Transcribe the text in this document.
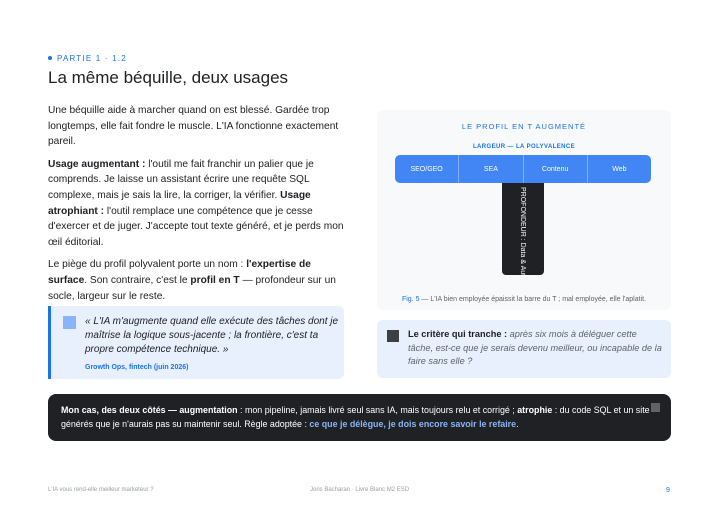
PARTIE 1 · 1.2
La même béquille, deux usages

Une béquille aide à marcher quand on est blessé. Gardée trop longtemps, elle fait fondre le muscle. L'IA fonctionne exactement pareil.

Usage augmentant : l'outil me fait franchir un palier que je comprends. Je laisse un assistant écrire une requête SQL complexe, mais je sais la lire, la corriger, la vérifier. Usage atrophiant : l'outil remplace une compétence que je cesse d'exercer et de juger. J'accepte tout texte généré, et je perds mon œil éditorial.

Le piège du profil polyvalent porte un nom : l'expertise de surface. Son contraire, c'est le profil en T — profondeur sur un socle, largeur sur le reste.

« L'IA m'augmente quand elle exécute des tâches dont je maîtrise la logique sous-jacente ; la frontière, c'est ta propre compétence technique. »
Growth Ops, fintech (juin 2026)
LE PROFIL EN T AUGMENTÉ
LARGEUR — LA POLYVALENCE
SEO/GEO	SEA	Contenu	Web
PROFONDEUR : Data & Auto.
Fig. 5 — L'IA bien employée épaissit la barre du T ; mal employée, elle l'aplatit.
Le critère qui tranche : après six mois à déléguer cette tâche, est-ce que je serais devenu meilleur, ou incapable de la faire sans elle ?
Mon cas, des deux côtés — augmentation : mon pipeline, jamais livré seul sans IA, mais toujours relu et corrigé ; atrophie : du code SQL et un site générés que je n'aurais pas su maintenir seul. Règle adoptée : ce que je délègue, je dois encore savoir le refaire.
L'IA vous rend-elle meilleur marketeur ?	Joris Bacharan · Livre Blanc M2 ESD	9
